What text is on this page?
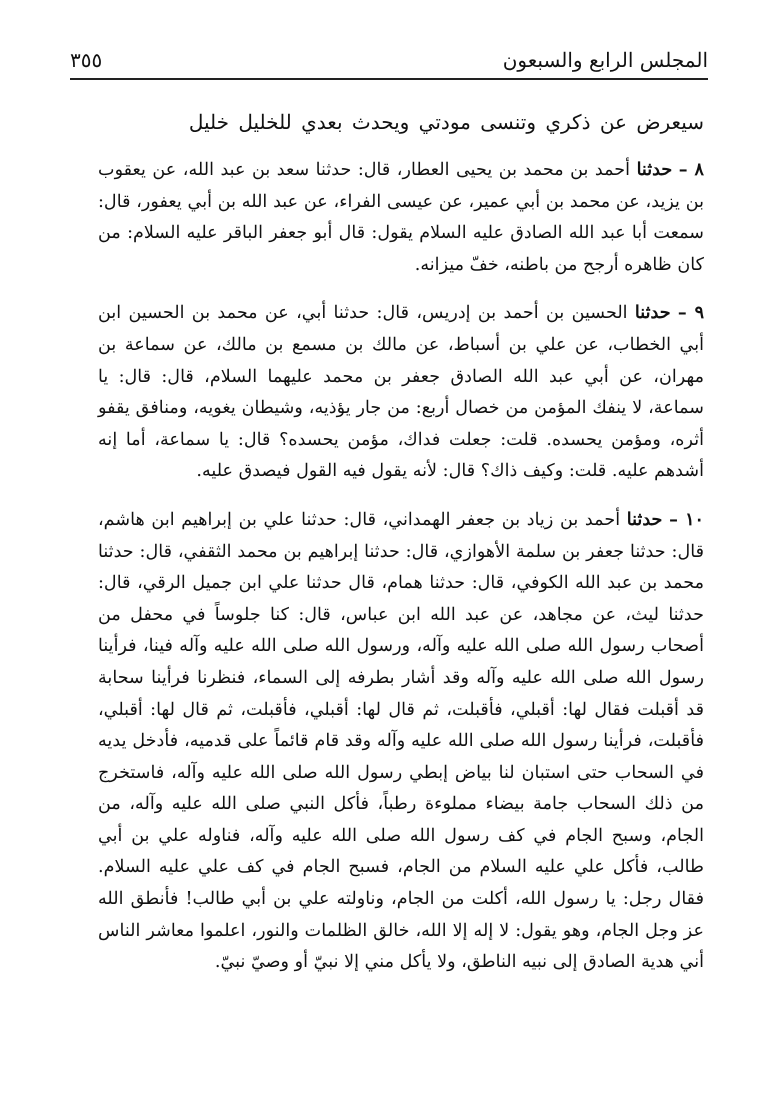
٣٥٥	المجلس الرابع والسبعون

سيعرض عن ذكري وتنسى مودتي ويحدث بعدي للخليل خليل

٨ – حدثنا أحمد بن محمد بن يحيى العطار، قال: حدثنا سعد بن عبد الله، عن يعقوب بن يزيد، عن محمد بن أبي عمير، عن عيسى الفراء، عن عبد الله بن أبي يعفور، قال: سمعت أبا عبد الله الصادق عليه السلام يقول: قال أبو جعفر الباقر عليه السلام: من كان ظاهره أرجح من باطنه، خفّ ميزانه.

٩ – حدثنا الحسين بن أحمد بن إدريس، قال: حدثنا أبي، عن محمد بن الحسين ابن أبي الخطاب، عن علي بن أسباط، عن مالك بن مسمع بن مالك، عن سماعة بن مهران، عن أبي عبد الله الصادق جعفر بن محمد عليهما السلام، قال: قال: يا سماعة، لا ينفك المؤمن من خصال أربع: من جار يؤذيه، وشيطان يغويه، ومنافق يقفو أثره، ومؤمن يحسده. قلت: جعلت فداك، مؤمن يحسده؟ قال: يا سماعة، أما إنه أشدهم عليه. قلت: وكيف ذاك؟ قال: لأنه يقول فيه القول فيصدق عليه.

١٠ – حدثنا أحمد بن زياد بن جعفر الهمداني، قال: حدثنا علي بن إبراهيم ابن هاشم، قال: حدثنا جعفر بن سلمة الأهوازي، قال: حدثنا إبراهيم بن محمد الثقفي، قال: حدثنا محمد بن عبد الله الكوفي، قال: حدثنا همام، قال حدثنا علي ابن جميل الرقي، قال: حدثنا ليث، عن مجاهد، عن عبد الله ابن عباس، قال: كنا جلوساً في محفل من أصحاب رسول الله صلى الله عليه وآله، ورسول الله صلى الله عليه وآله فينا، فرأينا رسول الله صلى الله عليه وآله وقد أشار بطرفه إلى السماء، فنظرنا فرأينا سحابة قد أقبلت فقال لها: أقبلي، فأقبلت، ثم قال لها: أقبلي، فأقبلت، ثم قال لها: أقبلي، فأقبلت، فرأينا رسول الله صلى الله عليه وآله وقد قام قائماً على قدميه، فأدخل يديه في السحاب حتى استبان لنا بياض إبطي رسول الله صلى الله عليه وآله، فاستخرج من ذلك السحاب جامة بيضاء مملوءة رطباً، فأكل النبي صلى الله عليه وآله، من الجام، وسبح الجام في كف رسول الله صلى الله عليه وآله، فناوله علي بن أبي طالب، فأكل علي عليه السلام من الجام، فسبح الجام في كف علي عليه السلام. فقال رجل: يا رسول الله، أكلت من الجام، وناولته علي بن أبي طالب! فأنطق الله عز وجل الجام، وهو يقول: لا إله إلا الله، خالق الظلمات والنور، اعلموا معاشر الناس أني هدية الصادق إلى نبيه الناطق، ولا يأكل مني إلا نبيّ أو وصيّ نبيّ.
